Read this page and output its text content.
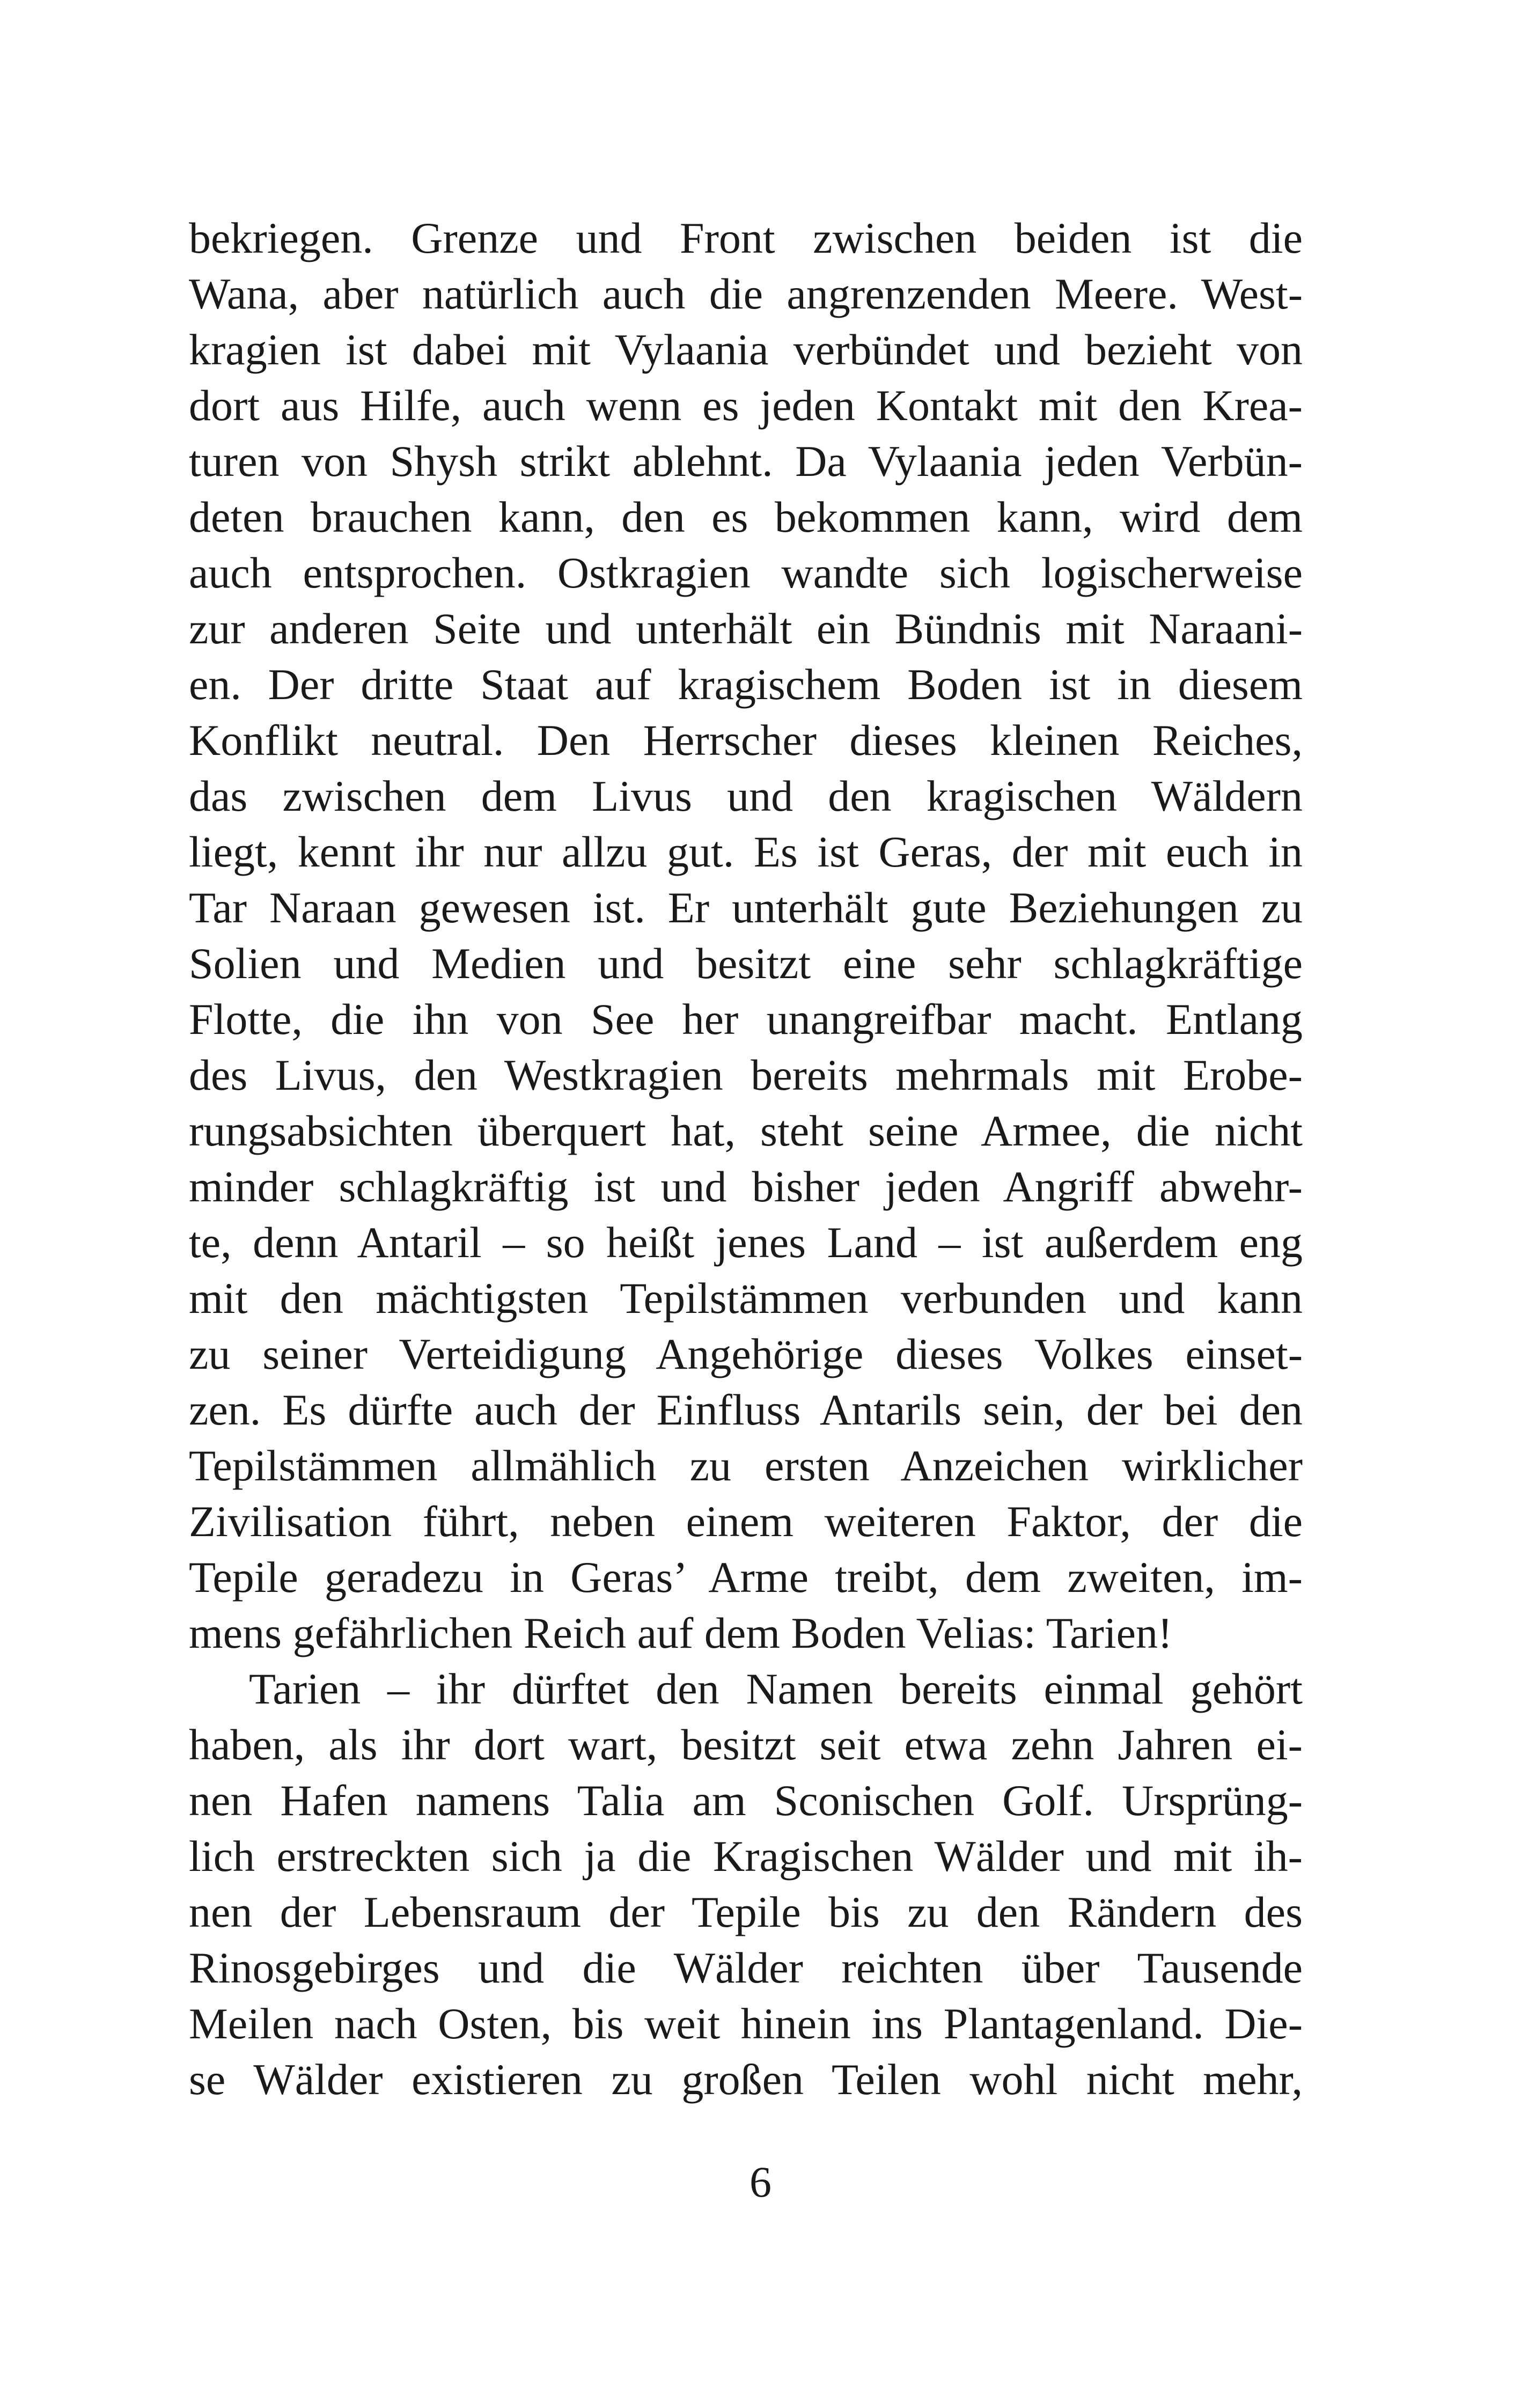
bekriegen. Grenze und Front zwischen beiden ist die
Wana, aber natürlich auch die angrenzenden Meere. West-
kragien ist dabei mit Vylaania verbündet und bezieht von
dort aus Hilfe, auch wenn es jeden Kontakt mit den Krea-
turen von Shysh strikt ablehnt. Da Vylaania jeden Verbün-
deten brauchen kann, den es bekommen kann, wird dem
auch entsprochen. Ostkragien wandte sich logischerweise
zur anderen Seite und unterhält ein Bündnis mit Naraani-
en. Der dritte Staat auf kragischem Boden ist in diesem
Konflikt neutral. Den Herrscher dieses kleinen Reiches,
das zwischen dem Livus und den kragischen Wäldern
liegt, kennt ihr nur allzu gut. Es ist Geras, der mit euch in
Tar Naraan gewesen ist. Er unterhält gute Beziehungen zu
Solien und Medien und besitzt eine sehr schlagkräftige
Flotte, die ihn von See her unangreifbar macht. Entlang
des Livus, den Westkragien bereits mehrmals mit Erobe-
rungsabsichten überquert hat, steht seine Armee, die nicht
minder schlagkräftig ist und bisher jeden Angriff abwehr-
te, denn Antaril – so heißt jenes Land – ist außerdem eng
mit den mächtigsten Tepilstämmen verbunden und kann
zu seiner Verteidigung Angehörige dieses Volkes einset-
zen. Es dürfte auch der Einfluss Antarils sein, der bei den
Tepilstämmen allmählich zu ersten Anzeichen wirklicher
Zivilisation führt, neben einem weiteren Faktor, der die
Tepile geradezu in Geras’ Arme treibt, dem zweiten, im-
mens gefährlichen Reich auf dem Boden Velias: Tarien!
Tarien – ihr dürftet den Namen bereits einmal gehört
haben, als ihr dort wart, besitzt seit etwa zehn Jahren ei-
nen Hafen namens Talia am Sconischen Golf. Ursprüng-
lich erstreckten sich ja die Kragischen Wälder und mit ih-
nen der Lebensraum der Tepile bis zu den Rändern des
Rinosgebirges und die Wälder reichten über Tausende
Meilen nach Osten, bis weit hinein ins Plantagenland. Die-
se Wälder existieren zu großen Teilen wohl nicht mehr,
6
